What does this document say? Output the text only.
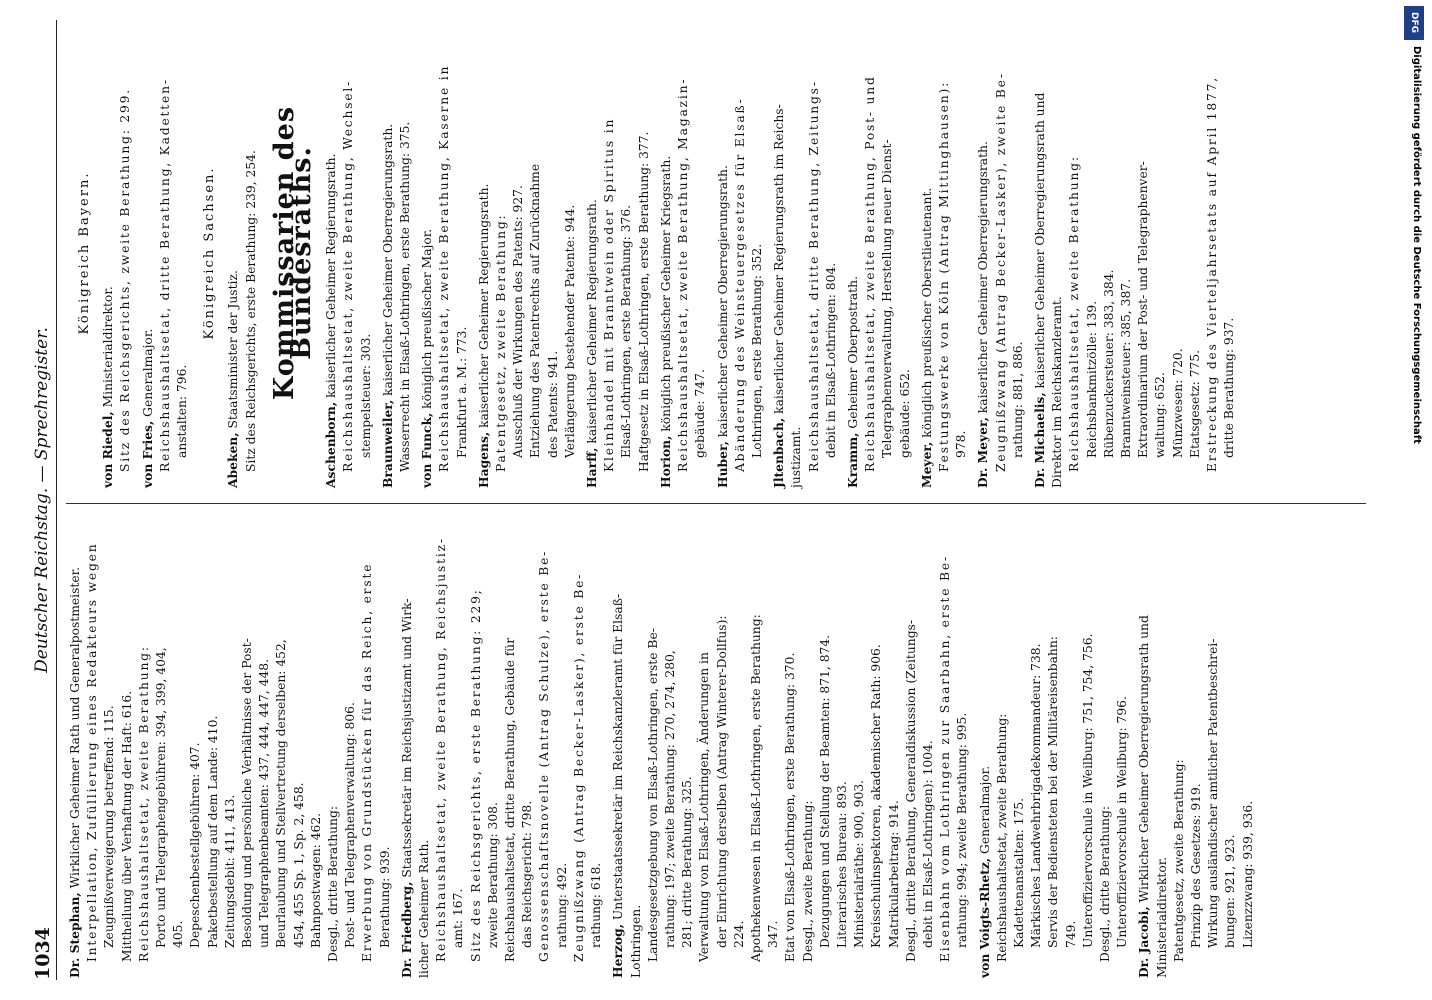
DFG
Digitalisierung gefördert durch die Deutsche Forschungsgemeinschaft
1034
Deutscher Reichstag. — Sprechregister.
Dr. Stephan, Wirklicher Geheimer Rath und Generalpostmeister. Interpellation, Zufüllierung eines Redakteurs wegen Zeugnißverweigerung betreffend: 115. Mittheilung über Verhaftung der Haft: 616. Reichshaushaltsetat, zweite Berathung: Porto und Telegraphengebühren: 394, 399, 404, 405. Depeschenbestellgebühren: 407. Paketbestellung auf dem Lande: 410. Zeitungsdebit: 411, 413. Besoldung und persönliche Verhältnisse der Post- und Telegraphenbeamten: 437, 444, 447, 448. Beurlaubung und Stellvertretung derselben: 452, 454, 455 Sp. 1, Sp. 2, 458. Bahnpostwagen: 462. Desgl., dritte Berathung: Post- und Telegraphenverwaltung: 806. Erwerbung von Grundstücken für das Reich, erste Berathung: 939. Dr. Friedberg, Staatssekretär im Reichsjustizamt und Wirk-
licher Geheimer Rath. Reichshaushaltsetat, zweite Berathung, Reichsjustiz- amt: 167. Sitz des Reichsgerichts, erste Berathung: 229; zweite Berathung: 308. Reichshaushaltsetat, dritte Berathung, Gebäude für das Reichsgericht: 798. Genossenschaftsnovelle (Antrag Schulze), erste Be- rathung: 492. Zeugnißzwang (Antrag Becker-Lasker), erste Be- rathung: 618.
Herzog, Unterstaatssekretär im Reichskanzleramt für Elsaß-
Lothringen. Landesgesetzgebung von Elsaß-Lothringen, erste Be- rathung: 197; zweite Berathung: 270, 274, 280, 281; dritte Berathung: 325. Verwaltung von Elsaß-Lothringen, Änderungen in der Einrichtung derselben (Antrag Winterer-Dollfus): 224. Apothekenwesen in Elsaß-Lothringen, erste Berathung: 347. Etat von Elsaß-Lothringen, erste Berathung: 370. Desgl., zweite Berathung: Dezugungen und Stellung der Beamten: 871, 874. Literarisches Bureau: 893. Ministerialräthe: 900, 903. Kreisschulinspektoren, akademischer Rath: 906. Matrikularbeitrag: 914. Desgl., dritte Berathung, Generaldiskussion (Zeitungs- debit in Elsaß-Lothringen): 1004. Eisenbahn vom Lothringen zur Saarbahn, erste Be- rathung: 994; zweite Berathung: 995. von Voigts-Rhetz, Generalmajor. Reichshaushaltsetat, zweite Berathung: Kadettenanstalten: 175. Märkisches Landwehrbrigadekommandeur: 738. Servis der Bediensteten bei der Militäreisenbahn: 749. Unteroffiziervorschule in Weilburg: 751, 754, 756. Desgl., dritte Berathung: Unteroffiziervorschule in Weilburg: 796. Dr. Jacobi, Wirklicher Geheimer Oberregierungsrath und
Ministerialdirektor. Patentgesetz, zweite Berathung: Prinzip des Gesetzes: 919. Wirkung ausländischer amtlicher Patentbeschrei- bungen: 921, 923. Lizenzzwang: 939, 936.
Königreich Bayern.
von Riedel, Ministerialdirektor. Sitz des Reichsgerichts, zweite Berathung: 299. von Fries, Generalmajor. Reichshaushaltsetat, dritte Berathung, Kadetten- anstalten: 796.
Königreich Sachsen.
Abeken, Staatsminister der Justiz. Sitz des Reichsgerichts, erste Berathung: 239, 254. Kommissarien des Bundesraths.
Aschenborn, kaiserlicher Geheimer Regierungsrath. Reichshaushaltsetat, zweite Berathung, Wechsel- stempelsteuer: 303. Braunweiler, kaiserlicher Geheimer Oberregierungsrath. Wasserrecht in Elsaß-Lothringen, erste Berathung: 375. von Funck, königlich preußischer Major. Reichshaushaltsetat, zweite Berathung, Kaserne in Frankfurt a. M.: 773.
Hagens, kaiserlicher Geheimer Regierungsrath. Patentgesetz, zweite Berathung: Ausschluß der Wirkungen des Patents: 927. Entziehung des Patentrechts auf Zurücknahme des Patents: 941. Verlängerung bestehender Patente: 944.
Harff, kaiserlicher Geheimer Regierungsrath. Kleinhandel mit Branntwein oder Spiritus in Elsaß-Lothringen, erste Berathung: 376. Haftgesetz in Elsaß-Lothringen, erste Berathung: 377. Horion, königlich preußischer Geheimer Kriegsrath. Reichshaushaltsetat, zweite Berathung, Magazin- gebäude: 747.
Huber, kaiserlicher Geheimer Oberregierungsrath. Abänderung des Weinsteuergesetzes für Elsaß- Lothringen, erste Berathung: 352. Jltenbach, kaiserlicher Geheimer Regierungsrath im Reichs-
justizamt. Reichshaushaltsetat, dritte Berathung, Zeitungs- debit in Elsaß-Lothringen: 804.
Kramm, Geheimer Oberpostrath. Reichshaushaltsetat, zweite Berathung, Post- und Telegraphenverwaltung, Herstellung neuer Dienst- gebäude: 652.
Meyer, königlich preußischer Oberstlieutenant. Festungswerke von Köln (Antrag Mittinghausen): 978. Dr. Meyer, kaiserlicher Geheimer Oberregierungsrath. Zeugnißzwang (Antrag Becker-Lasker), zweite Be- rathung: 881, 886. Dr. Michaelis, kaiserlicher Geheimer Oberregierungsrath und
Direktor im Reichskanzleramt. Reichshaushaltsetat, zweite Berathung: Reichsbankmitzölle: 139. Rübenzuckersteuer: 383, 384. Branntweinsteuer: 385, 387. Extraordinarium der Post- und Telegraphenver- waltung: 652. Münzwesen: 720. Etatsgesetz: 775. Erstreckung des Vierteljahrsetats auf April 1877, dritte Berathung: 937.
